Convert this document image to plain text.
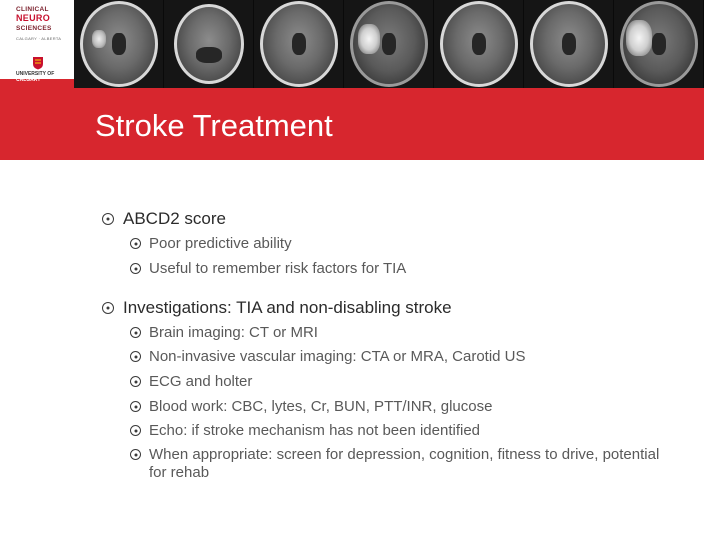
CLINICAL
NEURO
SCIENCES
CALGARY · ALBERTA
UNIVERSITY OF
CALGARY
Stroke Treatment
ABCD2 score
Poor predictive ability
Useful to remember risk factors for TIA
Investigations: TIA and non-disabling stroke
Brain imaging: CT or MRI
Non-invasive vascular imaging: CTA or MRA, Carotid US
ECG and holter
Blood work: CBC, lytes, Cr, BUN, PTT/INR, glucose
Echo: if stroke mechanism has not been identified
When appropriate: screen for depression, cognition, fitness to drive, potential for rehab
